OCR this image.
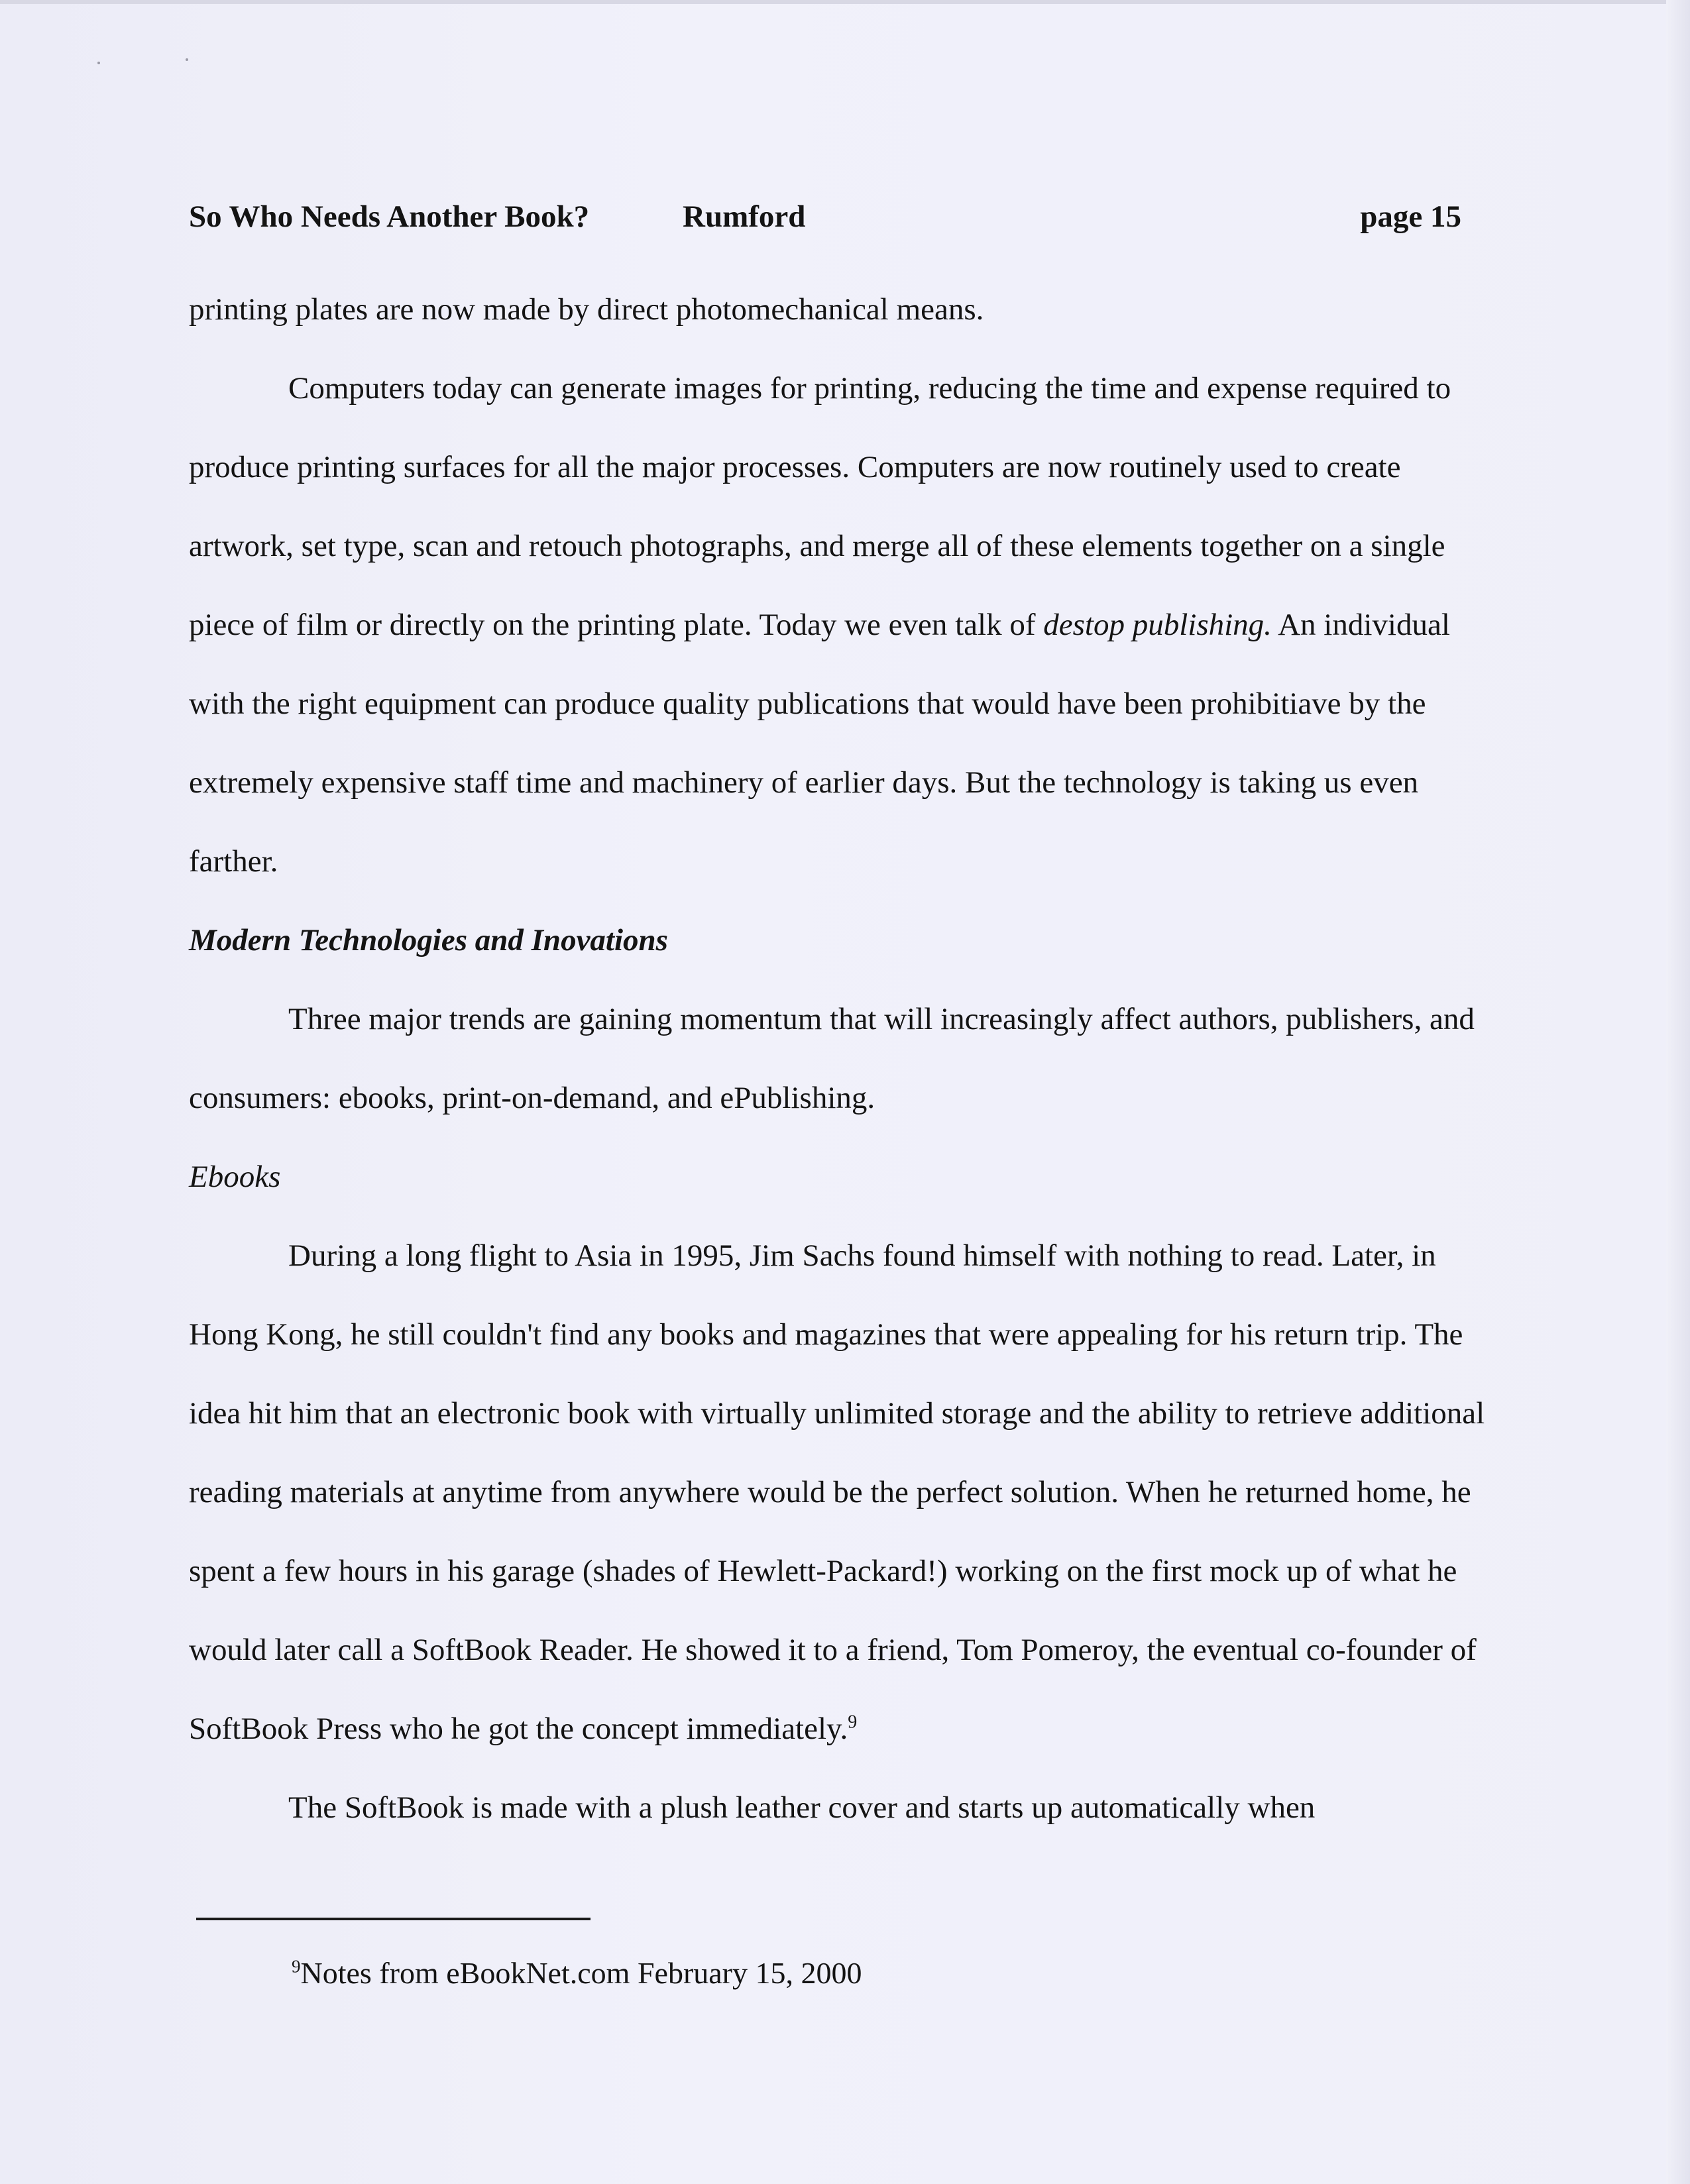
So Who Needs Another Book?	Rumford	page 15

printing plates are now made by direct photomechanical means.

Computers today can generate images for printing, reducing the time and expense required to produce printing surfaces for all the major processes. Computers are now routinely used to create artwork, set type, scan and retouch photographs, and merge all of these elements together on a single piece of film or directly on the printing plate. Today we even talk of destop publishing. An individual with the right equipment can produce quality publications that would have been prohibitiave by the extremely expensive staff time and machinery of earlier days. But the technology is taking us even farther.

Modern Technologies and Inovations

Three major trends are gaining momentum that will increasingly affect authors, publishers, and consumers: ebooks, print-on-demand, and ePublishing.

Ebooks

During a long flight to Asia in 1995, Jim Sachs found himself with nothing to read. Later, in Hong Kong, he still couldn't find any books and magazines that were appealing for his return trip. The idea hit him that an electronic book with virtually unlimited storage and the ability to retrieve additional reading materials at anytime from anywhere would be the perfect solution. When he returned home, he spent a few hours in his garage (shades of Hewlett-Packard!) working on the first mock up of what he would later call a SoftBook Reader. He showed it to a friend, Tom Pomeroy, the eventual co-founder of SoftBook Press who he got the concept immediately.$^9$

The SoftBook is made with a plush leather cover and starts up automatically when

$^9$Notes from eBookNet.com February 15, 2000
